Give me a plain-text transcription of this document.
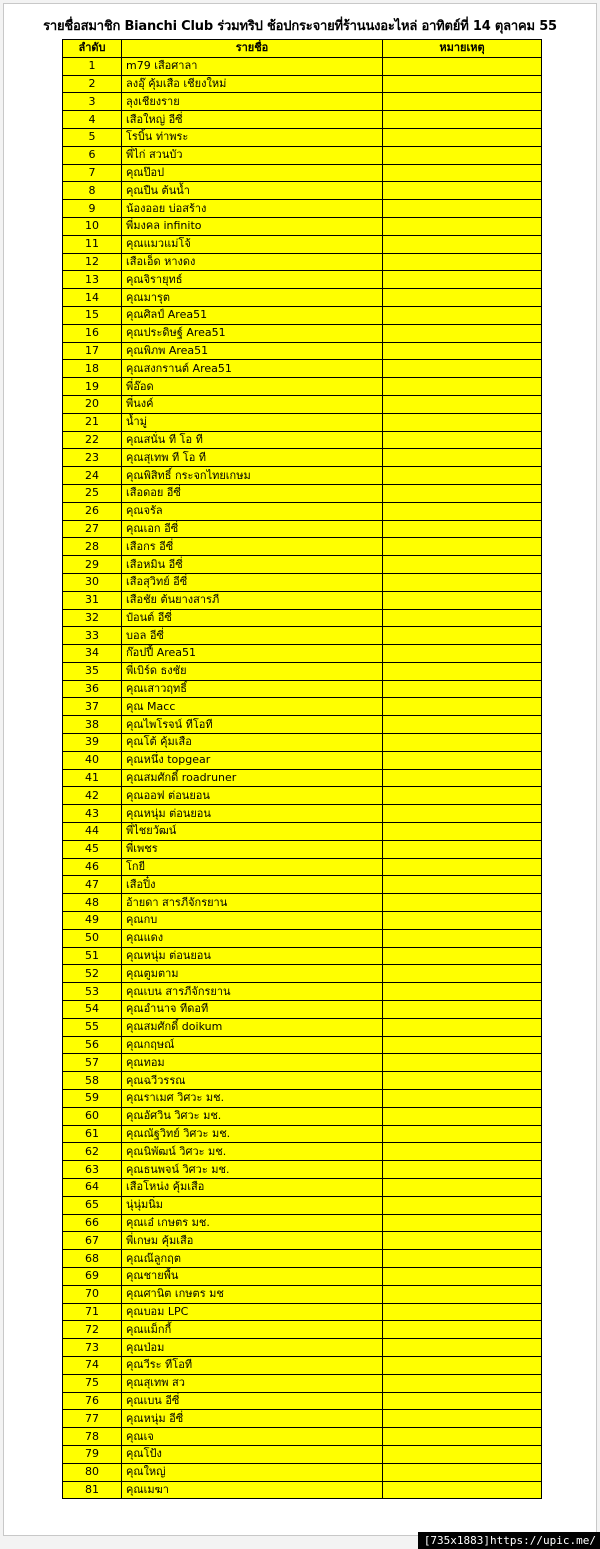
รายชื่อสมาชิก Bianchi Club ร่วมทริป ช้อปกระจายที่ร้านนงอะไหล่ อาทิตย์ที่ 14 ตุลาคม 55
ลำดับ	รายชื่อ	หมายเหตุ
1	m79 เสือศาลา	
2	ลงอุ๊ คุ้มเสือ เชียงใหม่	
3	ลุงเชียงราย	
4	เสือใหญ่ อีซี่	
5	โรบิ้น ท่าพระ	
6	พี่ไก่ สวนบัว	
7	คุณป๊อป	
8	คุณปืน ต้นน้ำ	
9	น้องออย บ่อสร้าง	
10	พี่มงคล infinito	
11	คุณแมวแม่โจ้	
12	เสือเอ็ด หางดง	
13	คุณจิรายุทธ์	
14	คุณมารุต	
15	คุณศิลป์ Area51	
16	คุณประดิษฐ์ Area51	
17	คุณพิภพ Area51	
18	คุณสงกรานต์ Area51	
19	พี่อ๊อด	
20	พี่นงค์	
21	น้ำมู่	
22	คุณสนั่น ที โอ ที	
23	คุณสุเทพ ที โอ ที	
24	คุณพิสิทธิ์ กระจกไทยเกษม	
25	เสือดอย อีซี่	
26	คุณจรัล	
27	คุณเอก อีซี่	
28	เสือกร อีซี่	
29	เสือหมิน อีซี่	
30	เสือสุวิทย์ อีซี่	
31	เสือชัย ต้นยางสารภี	
32	ป๋อนต์ อีซี่	
33	บอล อีซี่	
34	ก๊อปปี้ Area51	
35	พี่เบิร์ด ธงชัย	
36	คุณเสาวฤทธิ์	
37	คุณ Macc	
38	คุณไพโรจน์ ทีโอที	
39	คุณโต้ คุ้มเสือ	
40	คุณหนึ่ง topgear	
41	คุณสมศักดิ์ roadruner	
42	คุณออฟ ต่อนยอน	
43	คุณหนุ่ม ต่อนยอน	
44	พี่ไชยวัฒน์	
45	พี่เพชร	
46	โกยี	
47	เสือปิ๋ง	
48	อ้ายดา สารภีจักรยาน	
49	คุณกบ	
50	คุณแดง	
51	คุณหนุ่ม ต่อนยอน	
52	คุณตูมตาม	
53	คุณเบน สารภีจักรยาน	
54	คุณอำนาจ ทีดอที	
55	คุณสมศักดิ์ doikum	
56	คุณกฤษณ์	
57	คุณทอม	
58	คุณฉวีวรรณ	
59	คุณราเมศ วิศวะ มช.	
60	คุณอัศวิน วิศวะ มช.	
61	คุณณัฐวิทย์ วิศวะ มช.	
62	คุณนิพัฒน์ วิศวะ มช.	
63	คุณธนพจน์ วิศวะ มช.	
64	เสือโหน่ง คุ้มเสือ	
65	นุ่นุ่มนิ่ม	
66	คุณเอ๋ เกษตร มช.	
67	พี่เกษม คุ้มเสือ	
68	คุณณ๊ลูกฤต	
69	คุณชายพื้น	
70	คุณศานิต เกษตร มช	
71	คุณบอม LPC	
72	คุณแม็กกี้	
73	คุณป่อม	
74	คุณวีระ ทีโอที	
75	คุณสุเทพ สว	
76	คุณเบน อีซี่	
77	คุณหนุ่ม อีซี่	
78	คุณเจ	
79	คุณโป้ง	
80	คุณใหญ่	
81	คุณเมฆา	
[735x1883]https://upic.me/
